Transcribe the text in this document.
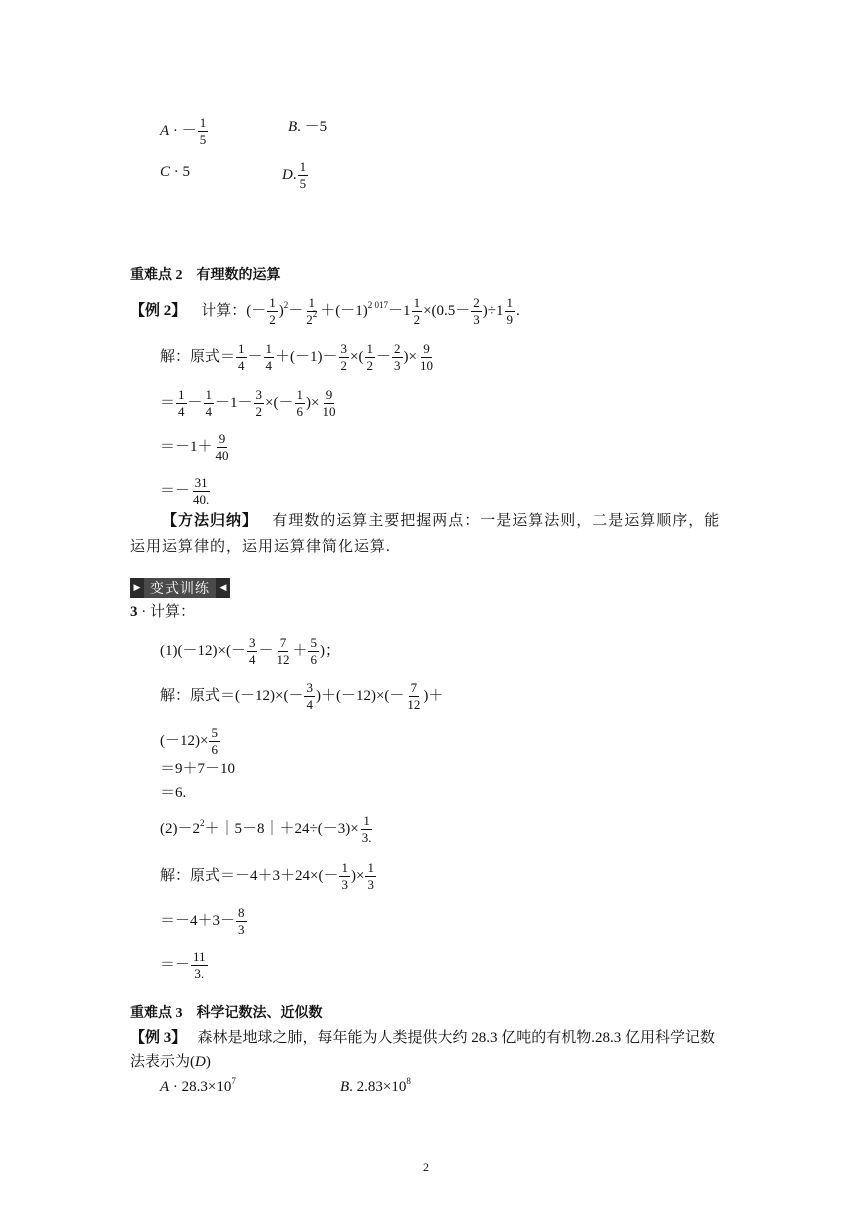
A · － $\frac{1}{5}$	B. －5
C · 5	D. $\frac{1}{5}$
重难点 2　有理数的运算
【例 2】 计算：(－ $\frac{1}{2} )^2- \frac{1}{2^2} +(-1)^{2 017}-1 \frac{1}{2} \times(0.5- \frac{2}{3} )\div 1 \frac{1}{9}$ .
解：原式＝ $\frac{1}{4} - \frac{1}{4} +(-1)- \frac{3}{2}$ ×( $\frac{1}{2} - \frac{2}{3}$ )× $\frac{9}{10}$
＝ $\frac{1}{4} - \frac{1}{4} -1- \frac{3}{2}$ ×(－ $\frac{1}{6}$ )× $\frac{9}{10}$
$=-1+ \frac{9}{40}$
＝－ $\frac{31}{40.}$
【方法归纳】 有理数的运算主要把握两点：一是运算法则，二是运算顺序，能运用运算律的，运用运算律简化运算.
▶ 变式训练	◀
3 · 计算：
$(1)(-12)\times(- \frac{3}{4} - \frac{7}{12} + \frac{5}{6}$ )；
解：原式$=(-12)\times(- \frac{3}{4} )+(-12)\times(- \frac{7}{12}$ )＋
$(-12)\times \frac{5}{6}$
＝9＋7－10
＝6.
$(2)-2^2+|5-8|+24\div(-3)\times \frac{1}{3.}$
解：原式$=-4+3+24\times(- \frac{1}{3}$ )× $\frac{1}{3}$
$=-4+3- \frac{8}{3}$
＝－ $\frac{11}{3.}$
重难点 3　科学记数法、近似数
【例 3】 森林是地球之肺，每年能为人类提供大约 28.3 亿吨的有机物.28.3 亿用科学记数法表示为(D)
$A \cdot 28.3\times 10^7$	B. $2.83\times 10^8$
2
